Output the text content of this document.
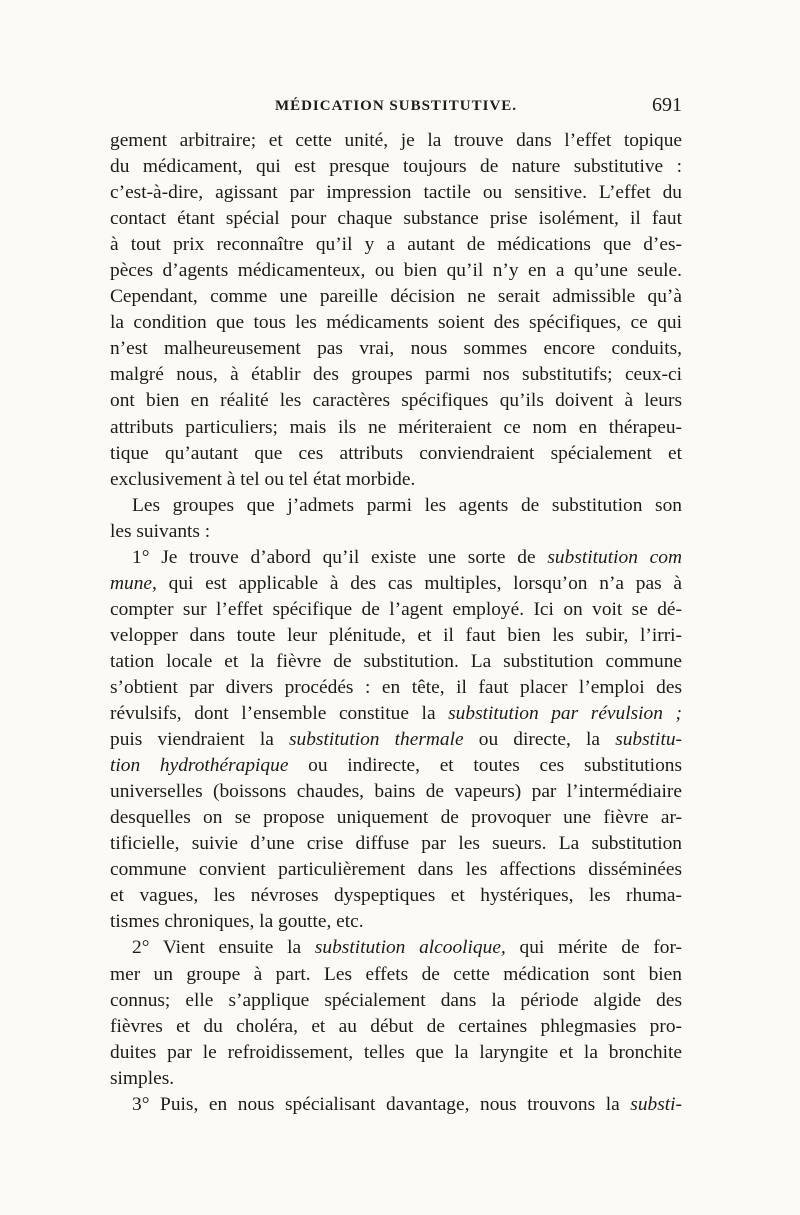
MÉDICATION SUBSTITUTIVE.	691
gement arbitraire; et cette unité, je la trouve dans l’effet topique
du médicament, qui est presque toujours de nature substitutive :
c’est-à-dire, agissant par impression tactile ou sensitive. L’effet du
contact étant spécial pour chaque substance prise isolément, il faut
à tout prix reconnaître qu’il y a autant de médications que d’es-
pèces d’agents médicamenteux, ou bien qu’il n’y en a qu’une seule.
Cependant, comme une pareille décision ne serait admissible qu’à
la condition que tous les médicaments soient des spécifiques, ce qui
n’est malheureusement pas vrai, nous sommes encore conduits,
malgré nous, à établir des groupes parmi nos substitutifs; ceux-ci
ont bien en réalité les caractères spécifiques qu’ils doivent à leurs
attributs particuliers; mais ils ne mériteraient ce nom en thérapeu-
tique qu’autant que ces attributs conviendraient spécialement et
exclusivement à tel ou tel état morbide.
Les groupes que j’admets parmi les agents de substitution son
les suivants :
1° Je trouve d’abord qu’il existe une sorte de substitution com
mune, qui est applicable à des cas multiples, lorsqu’on n’a pas à
compter sur l’effet spécifique de l’agent employé. Ici on voit se dé-
velopper dans toute leur plénitude, et il faut bien les subir, l’irri-
tation locale et la fièvre de substitution. La substitution commune
s’obtient par divers procédés : en tête, il faut placer l’emploi des
révulsifs, dont l’ensemble constitue la substitution par révulsion ;
puis viendraient la substitution thermale ou directe, la substitu-
tion hydrothérapique ou indirecte, et toutes ces substitutions
universelles (boissons chaudes, bains de vapeurs) par l’intermédiaire
desquelles on se propose uniquement de provoquer une fièvre ar-
tificielle, suivie d’une crise diffuse par les sueurs. La substitution
commune convient particulièrement dans les affections disséminées
et vagues, les névroses dyspeptiques et hystériques, les rhuma-
tismes chroniques, la goutte, etc.
2° Vient ensuite la substitution alcoolique, qui mérite de for-
mer un groupe à part. Les effets de cette médication sont bien
connus; elle s’applique spécialement dans la période algide des
fièvres et du choléra, et au début de certaines phlegmasies pro-
duites par le refroidissement, telles que la laryngite et la bronchite
simples.
3° Puis, en nous spécialisant davantage, nous trouvons la substi-
